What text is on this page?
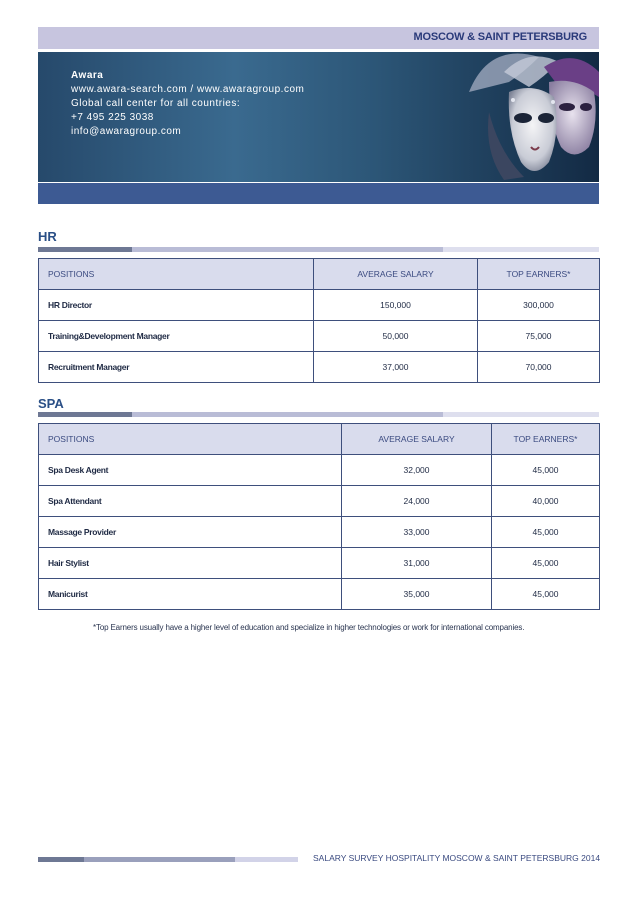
MOSCOW & SAINT PETERSBURG
Awara
www.awara-search.com / www.awaragroup.com
Global call center for all countries:
+7 495 225 3038
info@awaragroup.com
HR
POSITIONS	AVERAGE SALARY	TOP EARNERS*
HR Director	150,000	300,000
Training&Development Manager	50,000	75,000
Recruitment Manager	37,000	70,000
SPA
POSITIONS	AVERAGE SALARY	TOP EARNERS*
Spa Desk Agent	32,000	45,000
Spa Attendant	24,000	40,000
Massage Provider	33,000	45,000
Hair Stylist	31,000	45,000
Manicurist	35,000	45,000
*Top Earners usually have a higher level of education and specialize in higher technologies or work for international companies.
SALARY SURVEY HOSPITALITY MOSCOW & SAINT PETERSBURG 2014
